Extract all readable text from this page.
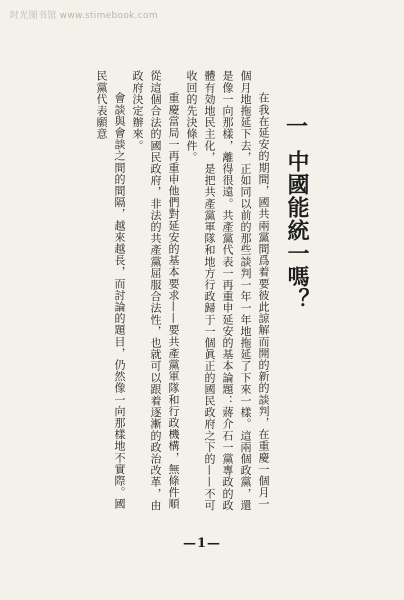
时光图书馆 www.stimebook.com
一
中國能統一嗎？

在我在延安的期間，國共兩黨間爲着要彼此諒解而開的新的談判，在重慶一個月一個月地拖延下去，正如同以前的那些談判一年一年地拖延了下來一樣。這兩個政黨，還是像一向那樣，離得很遠。共產黨代表一再重申延安的基本論題：蔣介石一黨專政的政體有効地民主化，是把共產黨軍隊和地方行政歸于一個眞正的國民政府之下的——不可收回的先決條件。

重慶當局一再重申他們對延安的基本要求——要共產黨軍隊和行政機構，無條件順從這個合法的國民政府，非法的共產黨屈服合法性，也就可以跟着逐漸的政治改革，由政府決定辦來。

會談與會談之間的間隔，越來越長，而討論的題目，仍然像一向那樣地不實際。國民黨代表願意

—1—
